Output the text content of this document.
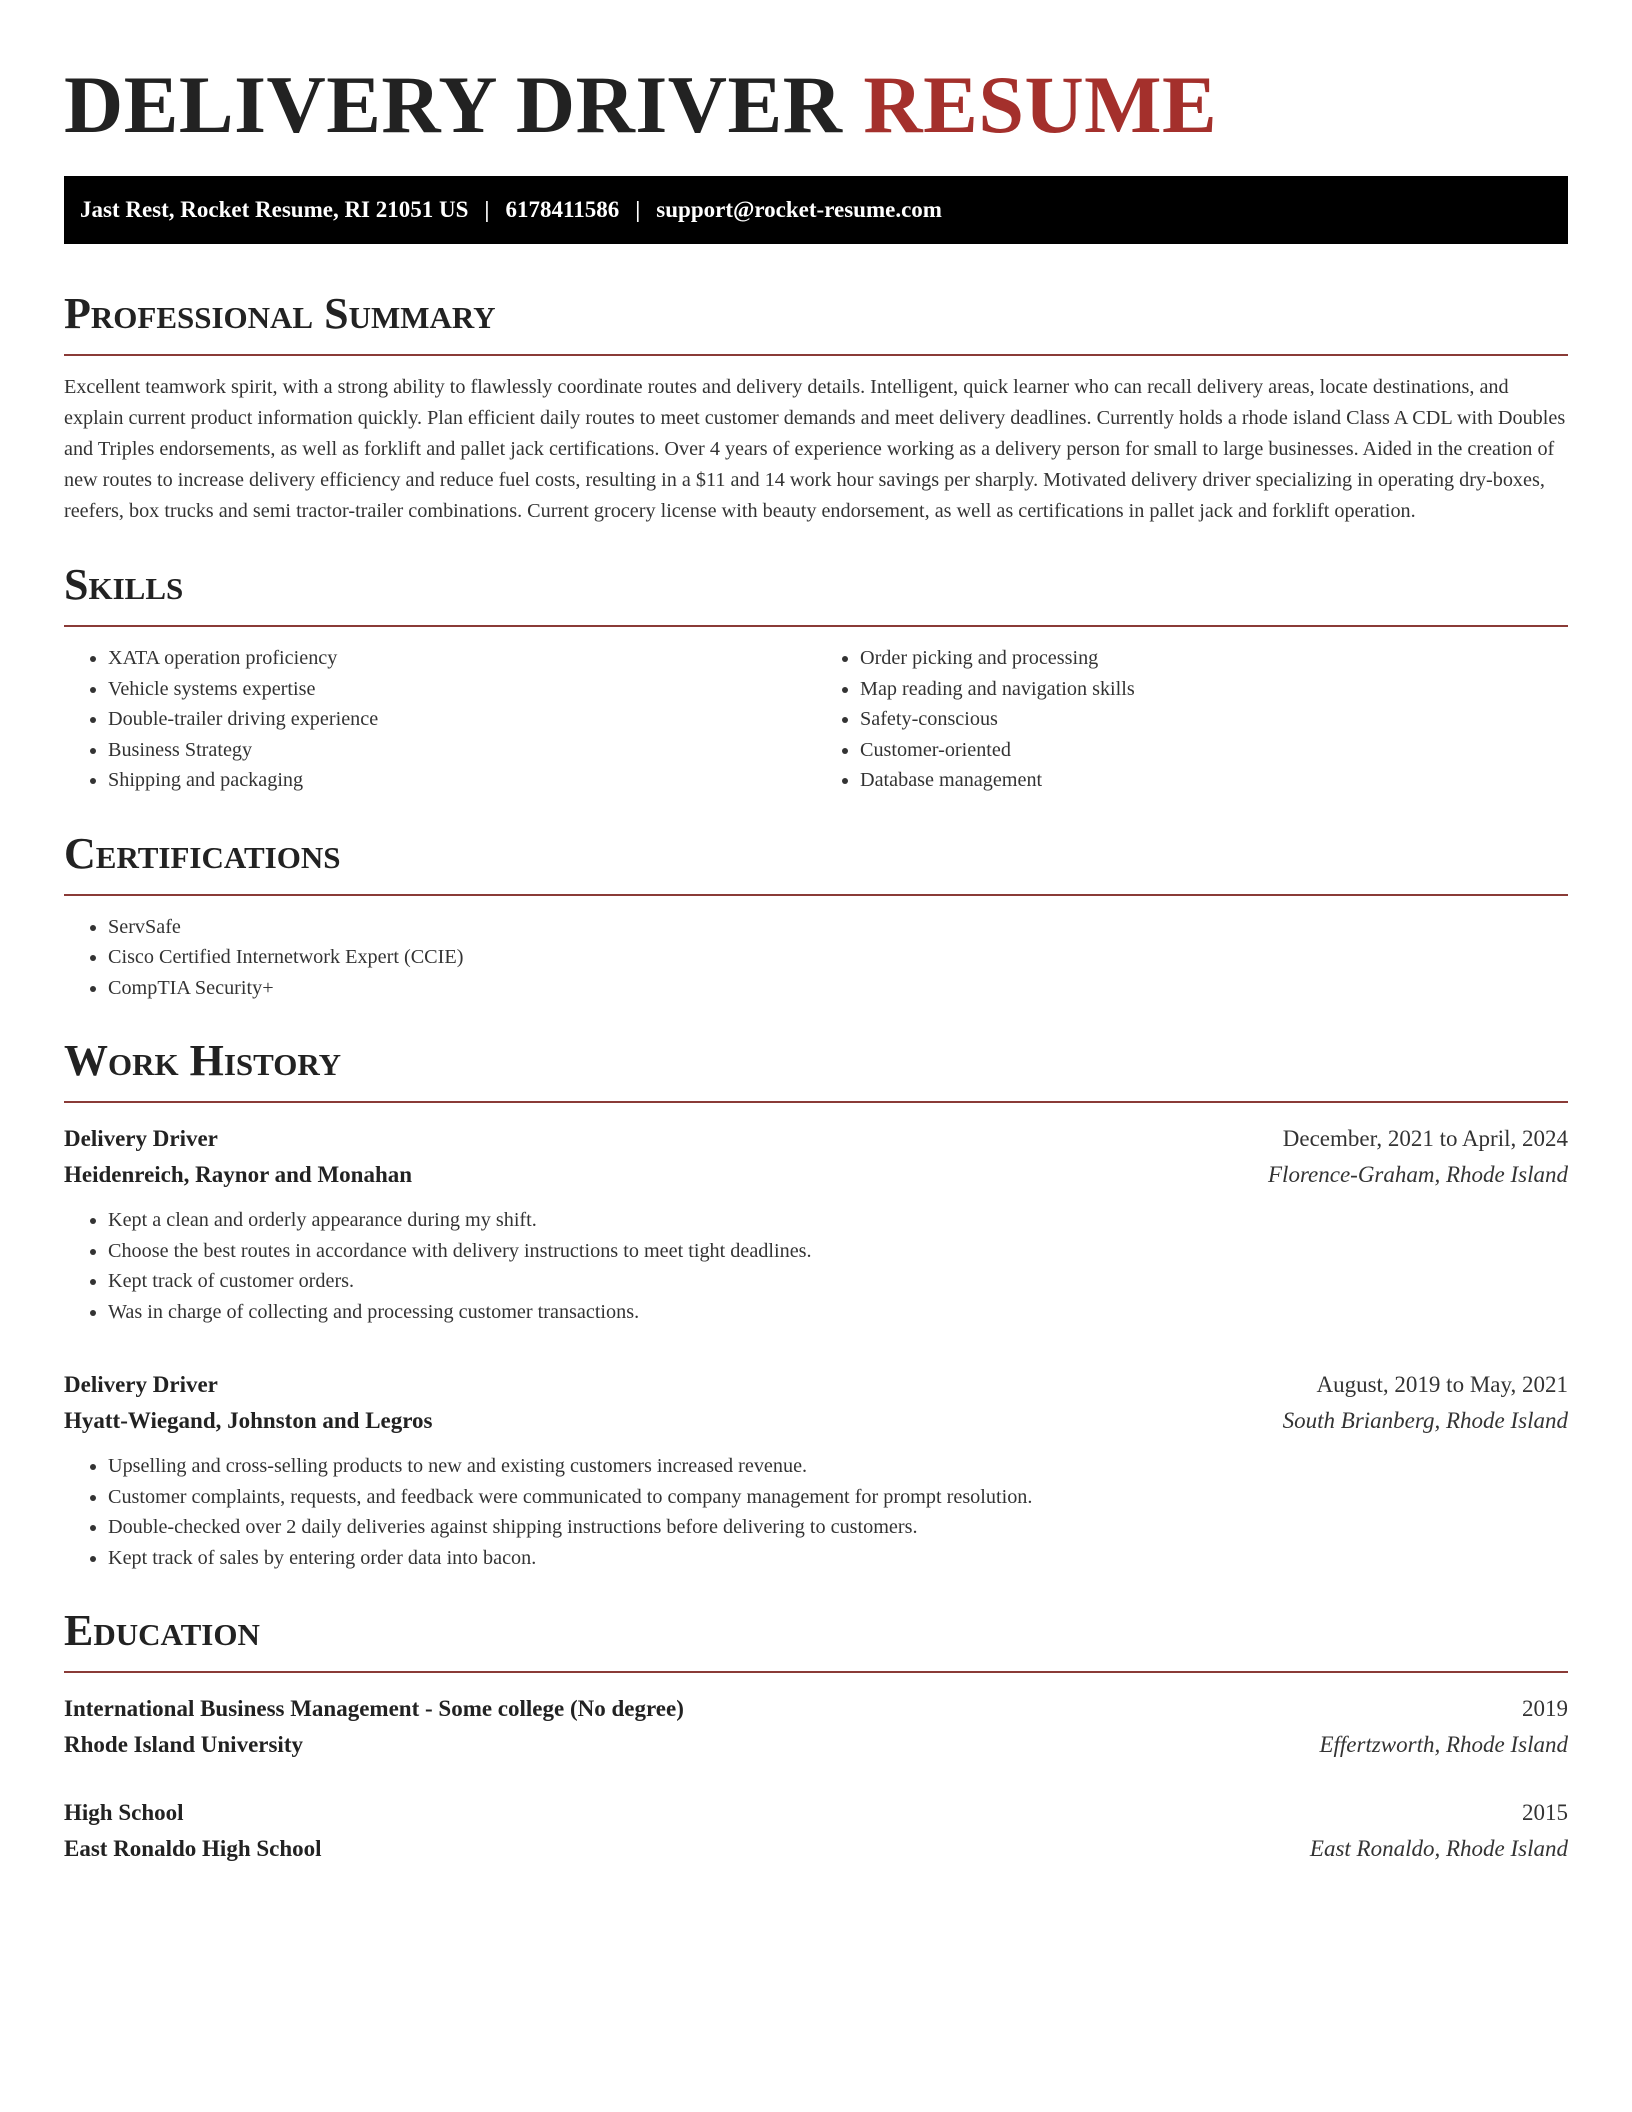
DELIVERY DRIVER RESUME
Jast Rest, Rocket Resume, RI 21051 US | 6178411586 | support@rocket-resume.com
Professional Summary

Excellent teamwork spirit, with a strong ability to flawlessly coordinate routes and delivery details. Intelligent, quick learner who can recall delivery areas, locate destinations, and explain current product information quickly. Plan efficient daily routes to meet customer demands and meet delivery deadlines. Currently holds a rhode island Class A CDL with Doubles and Triples endorsements, as well as forklift and pallet jack certifications. Over 4 years of experience working as a delivery person for small to large businesses. Aided in the creation of new routes to increase delivery efficiency and reduce fuel costs, resulting in a $11 and 14 work hour savings per sharply. Motivated delivery driver specializing in operating dry-boxes, reefers, box trucks and semi tractor-trailer combinations. Current grocery license with beauty endorsement, as well as certifications in pallet jack and forklift operation.

Skills
• XATA operation proficiency
• Vehicle systems expertise
• Double-trailer driving experience
• Business Strategy
• Shipping and packaging
• Order picking and processing
• Map reading and navigation skills
• Safety-conscious
• Customer-oriented
• Database management
Certifications
• ServSafe
• Cisco Certified Internetwork Expert (CCIE)
• CompTIA Security+
Work History
Delivery Driver	December, 2021 to April, 2024
Heidenreich, Raynor and Monahan	Florence-Graham, Rhode Island
• Kept a clean and orderly appearance during my shift.
• Choose the best routes in accordance with delivery instructions to meet tight deadlines.
• Kept track of customer orders.
• Was in charge of collecting and processing customer transactions.
Delivery Driver	August, 2019 to May, 2021
Hyatt-Wiegand, Johnston and Legros	South Brianberg, Rhode Island
• Upselling and cross-selling products to new and existing customers increased revenue.
• Customer complaints, requests, and feedback were communicated to company management for prompt resolution.
• Double-checked over 2 daily deliveries against shipping instructions before delivering to customers.
• Kept track of sales by entering order data into bacon.
Education
International Business Management - Some college (No degree)	2019
Rhode Island University	Effertzworth, Rhode Island
High School	2015
East Ronaldo High School	East Ronaldo, Rhode Island
